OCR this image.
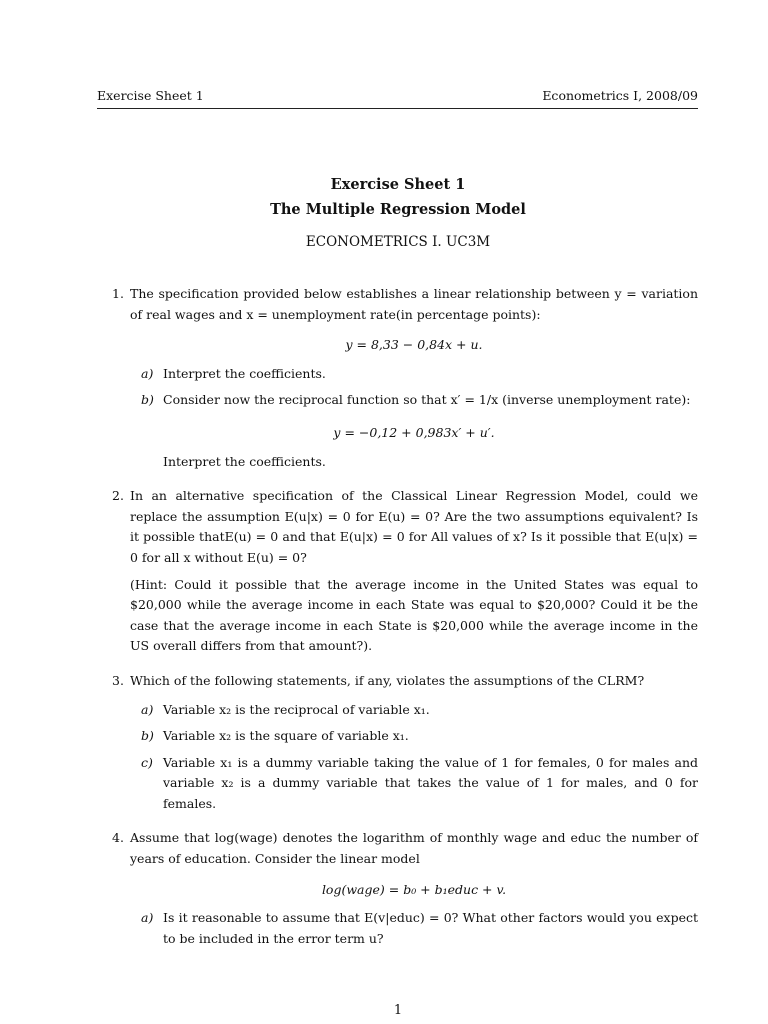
Exercise Sheet 1	Econometrics I, 2008/09
Exercise Sheet 1
The Multiple Regression Model
ECONOMETRICS I. UC3M
1. The specification provided below establishes a linear relationship between y = variation of real wages and x = unemployment rate(in percentage points):

y = 8,33 − 0,84x + u.
a) Interpret the coefficients.
b) Consider now the reciprocal function so that x′ = 1/x (inverse unemployment rate):
y = −0,12 + 0,983x′ + u′.
Interpret the coefficients.
2. In an alternative specification of the Classical Linear Regression Model, could we replace the assumption E(u|x) = 0 for E(u) = 0? Are the two assumptions equivalent? Is it possible thatE(u) = 0 and that E(u|x) = 0 for All values of x? Is it possible that E(u|x) = 0 for all x without E(u) = 0?

(Hint: Could it possible that the average income in the United States was equal to $20,000 while the average income in each State was equal to $20,000? Could it be the case that the average income in each State is $20,000 while the average income in the US overall differs from that amount?).

3. Which of the following statements, if any, violates the assumptions of the CLRM?

a) Variable x₂ is the reciprocal of variable x₁.
b) Variable x₂ is the square of variable x₁.
c) Variable x₁ is a dummy variable taking the value of 1 for females, 0 for males and variable x₂ is a dummy variable that takes the value of 1 for males, and 0 for females.
4. Assume that log(wage) denotes the logarithm of monthly wage and educ the number of years of education. Consider the linear model

log(wage) = b₀ + b₁educ + v.
a) Is it reasonable to assume that E(v|educ) = 0? What other factors would you expect to be included in the error term u?
1
